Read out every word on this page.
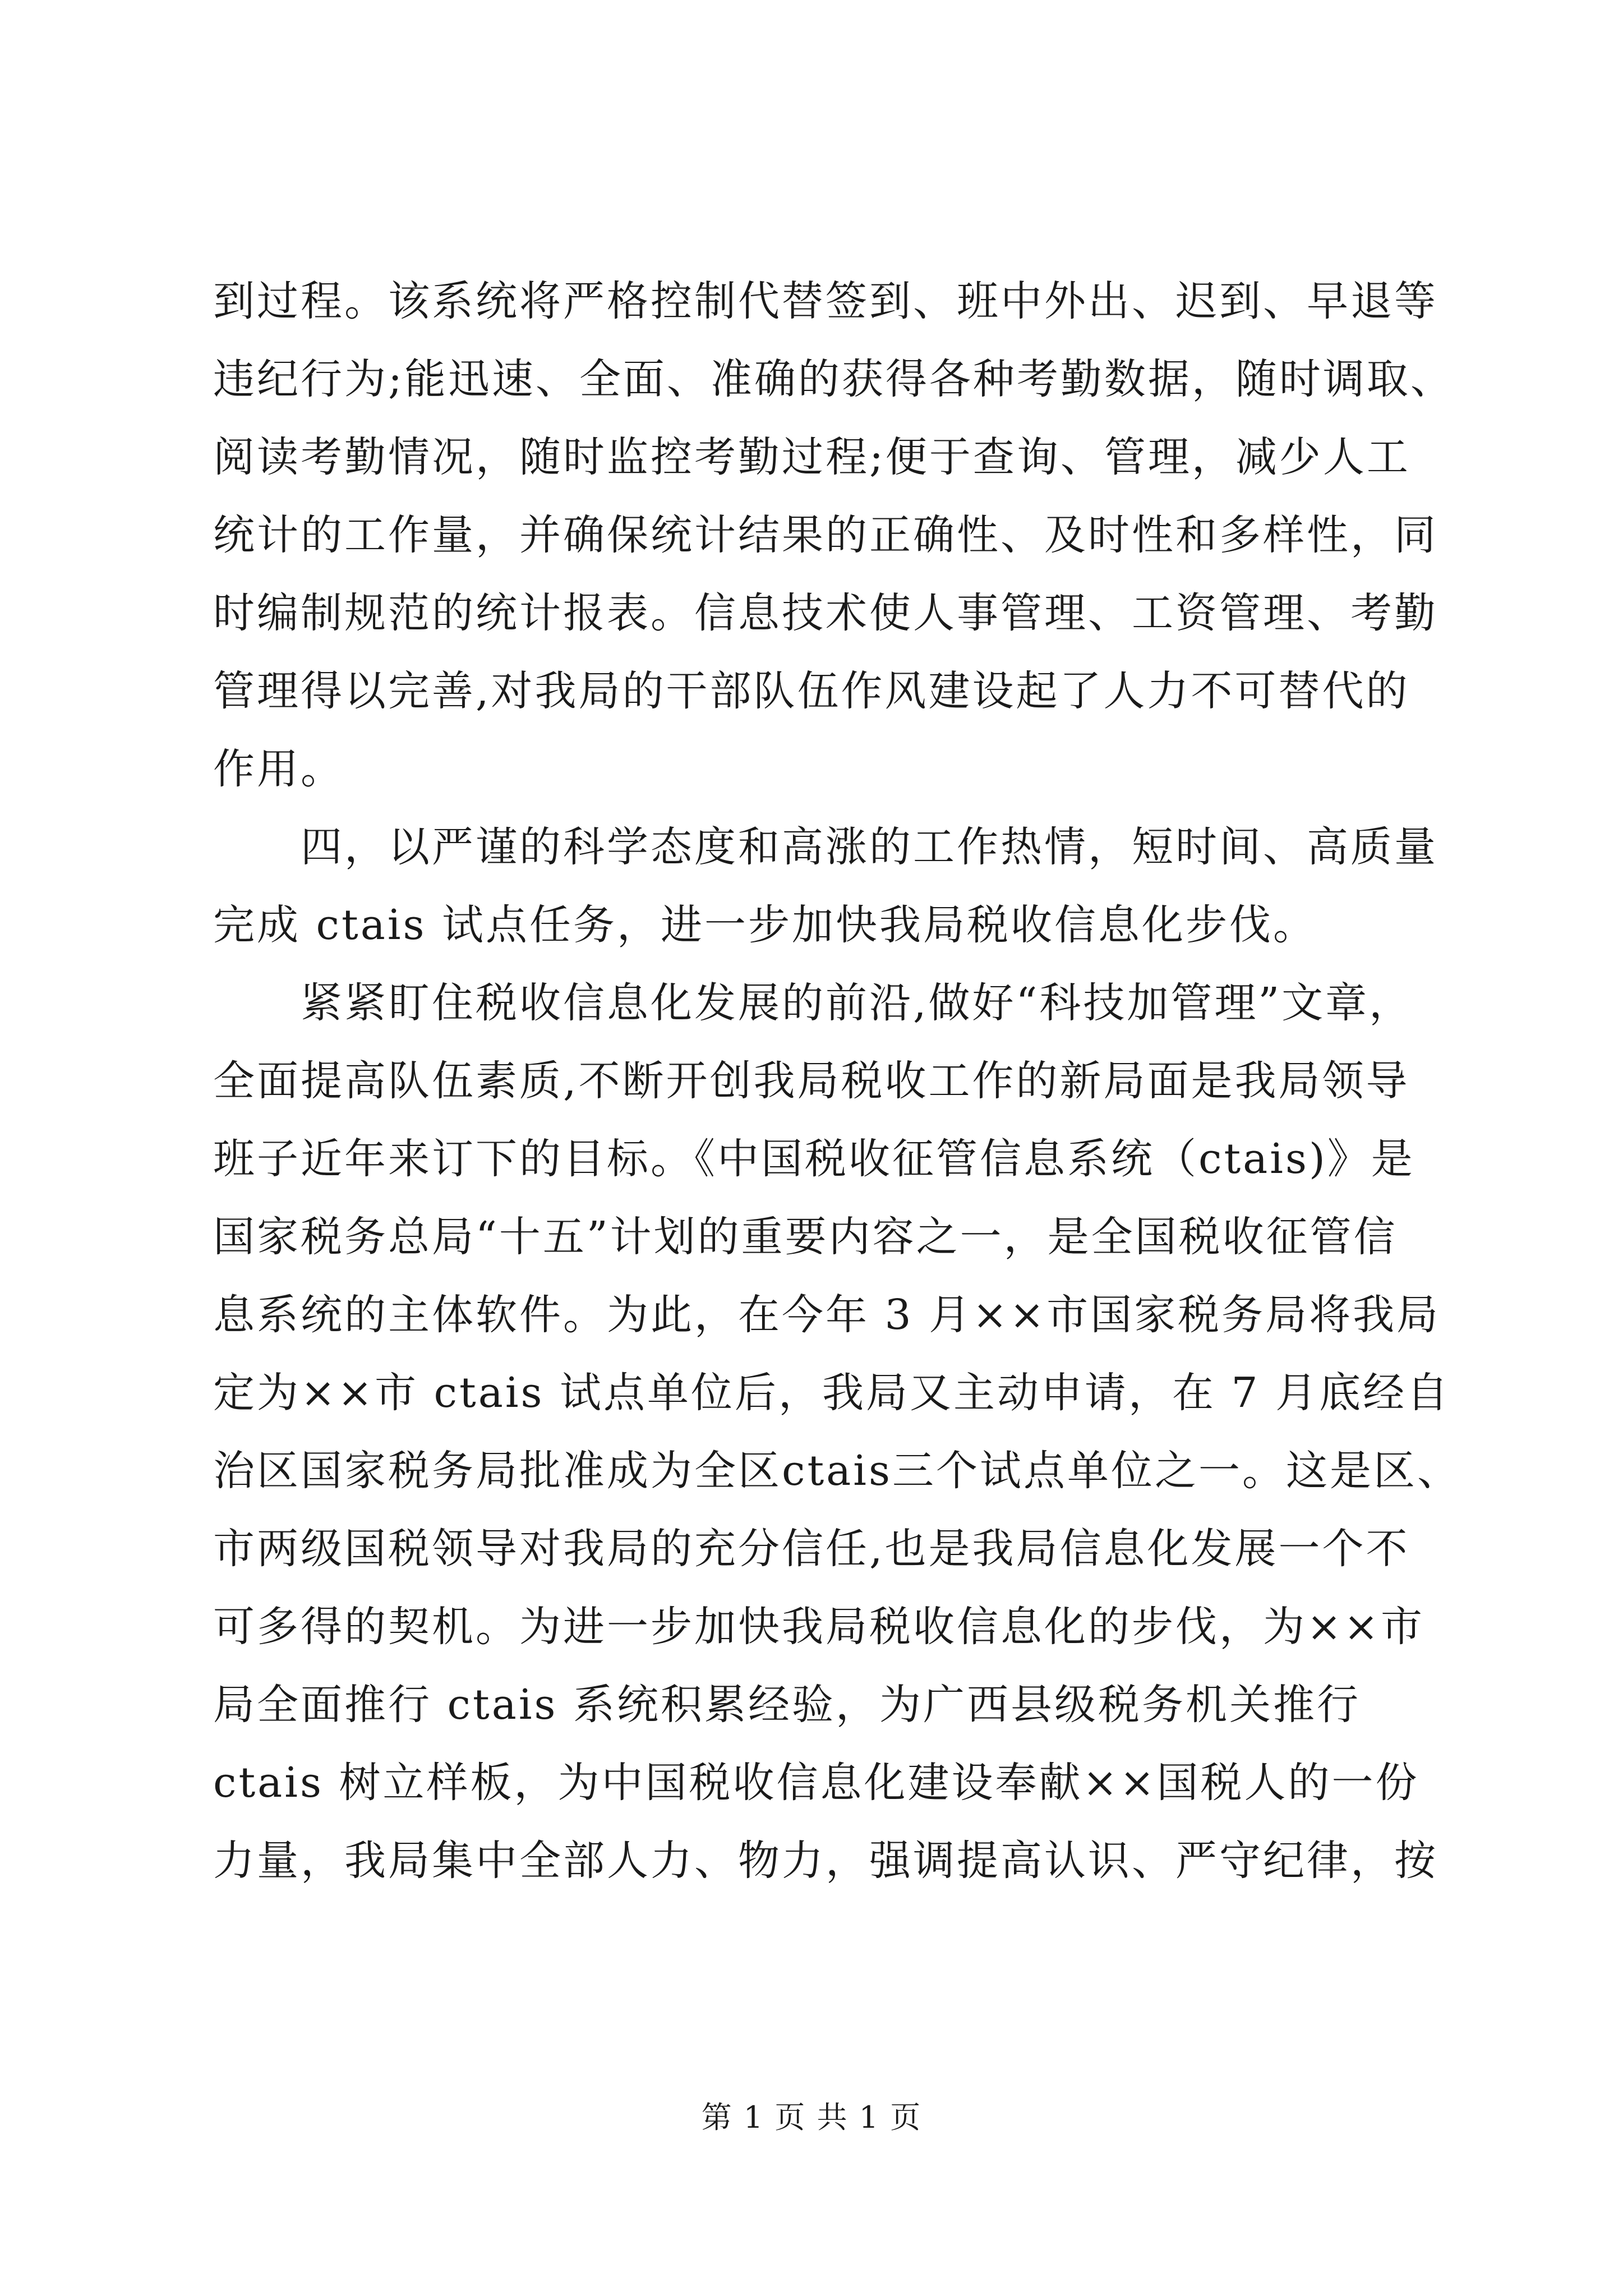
到过程。该系统将严格控制代替签到、班中外出、迟到、早退等
违纪行为;能迅速、全面、准确的获得各种考勤数据，随时调取、
阅读考勤情况，随时监控考勤过程;便于查询、管理，减少人工
统计的工作量，并确保统计结果的正确性、及时性和多样性，同
时编制规范的统计报表。信息技术使人事管理、工资管理、考勤
管理得以完善,对我局的干部队伍作风建设起了人力不可替代的
作用。
四，以严谨的科学态度和高涨的工作热情，短时间、高质量
完成 ctais 试点任务，进一步加快我局税收信息化步伐。
紧紧盯住税收信息化发展的前沿,做好“科技加管理”文章，
全面提高队伍素质,不断开创我局税收工作的新局面是我局领导
班子近年来订下的目标。《中国税收征管信息系统（ctais)》是
国家税务总局“十五”计划的重要内容之一，是全国税收征管信
息系统的主体软件。为此，在今年 3 月××市国家税务局将我局
定为××市 ctais 试点单位后，我局又主动申请，在 7 月底经自
治区国家税务局批准成为全区ctais三个试点单位之一。这是区、
市两级国税领导对我局的充分信任,也是我局信息化发展一个不
可多得的契机。为进一步加快我局税收信息化的步伐，为××市
局全面推行 ctais 系统积累经验，为广西县级税务机关推行
ctais 树立样板，为中国税收信息化建设奉献××国税人的一份
力量，我局集中全部人力、物力，强调提高认识、严守纪律，按
第 1 页 共 1 页
